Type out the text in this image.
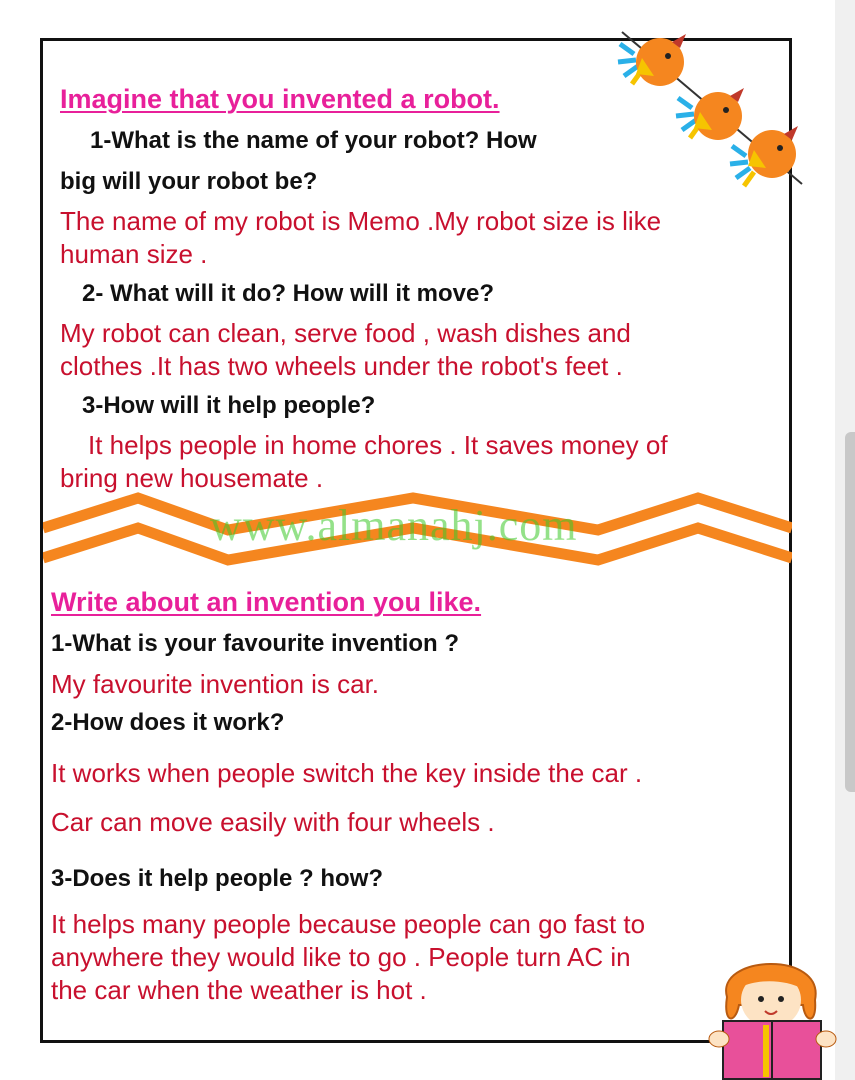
Imagine that you invented a robot.

1-What is the name of your robot? How

big will your robot be?

The name of my robot is Memo .My robot size is like

human size .

2- What will it do? How will it move?

My robot can clean, serve food , wash dishes and

clothes .It has two wheels under the robot's feet .

3-How will it help people?

It helps people in home chores . It saves money of

bring new housemate .

www.almanahj.com

Write about an invention you like.

1-What is your favourite invention ?

My favourite invention is car.

2-How does it work?

It works when people switch the key inside the car .

Car can move easily with four wheels .

3-Does it help people ? how?

It helps many people because people can go fast to

anywhere they would like to go . People turn AC in

the car when the weather is hot .
